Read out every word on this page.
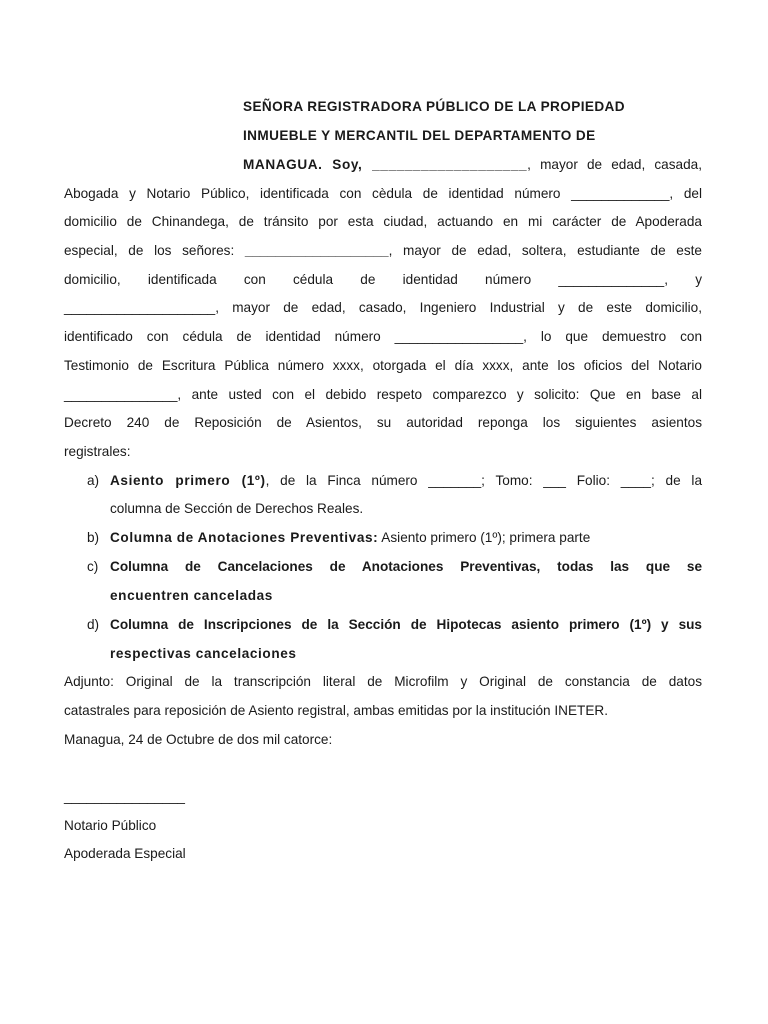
SEÑORA REGISTRADORA PÚBLICO DE LA PROPIEDAD
INMUEBLE Y MERCANTIL DEL DEPARTAMENTO DE
MANAGUA. Soy, ___________________, mayor de edad, casada,
Abogada y Notario Público, identificada con cèdula de identidad número _____________, del
domicilio de Chinandega, de tránsito por esta ciudad, actuando en mi carácter de Apoderada
especial, de los señores: ___________________, mayor de edad, soltera, estudiante de este
domicilio, identificada con cédula de identidad número ______________, y
____________________, mayor de edad, casado, Ingeniero Industrial y de este domicilio,
identificado con cédula de identidad número _________________, lo que demuestro con
Testimonio de Escritura Pública número xxxx, otorgada el día xxxx, ante los oficios del Notario
_______________, ante usted con el debido respeto comparezco y solicito: Que en base al
Decreto 240 de Reposición de Asientos, su autoridad reponga los siguientes asientos
registrales:
a) Asiento primero (1º), de la Finca número _______; Tomo: ___ Folio: ____; de la
columna de Sección de Derechos Reales.
b) Columna de Anotaciones Preventivas: Asiento primero (1º); primera parte
c) Columna de Cancelaciones de Anotaciones Preventivas, todas las que se
encuentren canceladas
d) Columna de Inscripciones de la Sección de Hipotecas asiento primero (1º) y sus
respectivas cancelaciones
Adjunto: Original de la transcripción literal de Microfilm y Original de constancia de datos
catastrales para reposición de Asiento registral, ambas emitidas por la institución INETER.
Managua, 24 de Octubre de dos mil catorce:
________________
Notario Público
Apoderada Especial
